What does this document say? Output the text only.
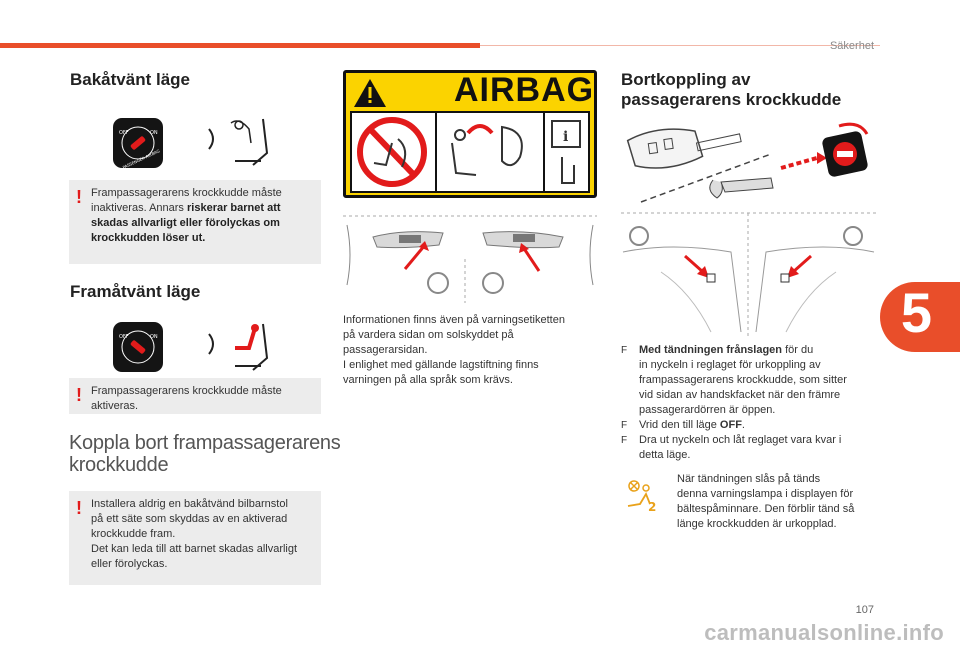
Säkerhet
5
Bakåtvänt läge
OFF	ON
PASSENGER AIRBAG
! Frampassagerarens krockkudde måste inaktiveras. Annars riskerar barnet att skadas allvarligt eller förolyckas om krockkudden löser ut.
Framåtvänt läge
OFF	ON
! Frampassagerarens krockkudde måste aktiveras.
Koppla bort frampassagerarens
krockkudde
! Installera aldrig en bakåtvänd bilbarnstol
på ett säte som skyddas av en aktiverad
krockkudde fram.
Det kan leda till att barnet skadas allvarligt
eller förolyckas.
AIRBAG
i
Informationen finns även på varningsetiketten
på vardera sidan om solskyddet på
passagerarsidan.
I enlighet med gällande lagstiftning finns
varningen på alla språk som krävs.
Bortkoppling av
passagerarens krockkudde
F Med tändningen frånslagen för du
in nyckeln i reglaget för urkoppling av
frampassagerarens krockkudde, som sitter
vid sidan av handskfacket när den främre
passagerardörren är öppen.
F Vrid den till läge OFF.
F Dra ut nyckeln och låt reglaget vara kvar i
detta läge.
2
När tändningen slås på tänds
denna varningslampa i displayen för
bältespåminnare. Den förblir tänd så
länge krockkudden är urkopplad.
107
carmanualsonline.info
